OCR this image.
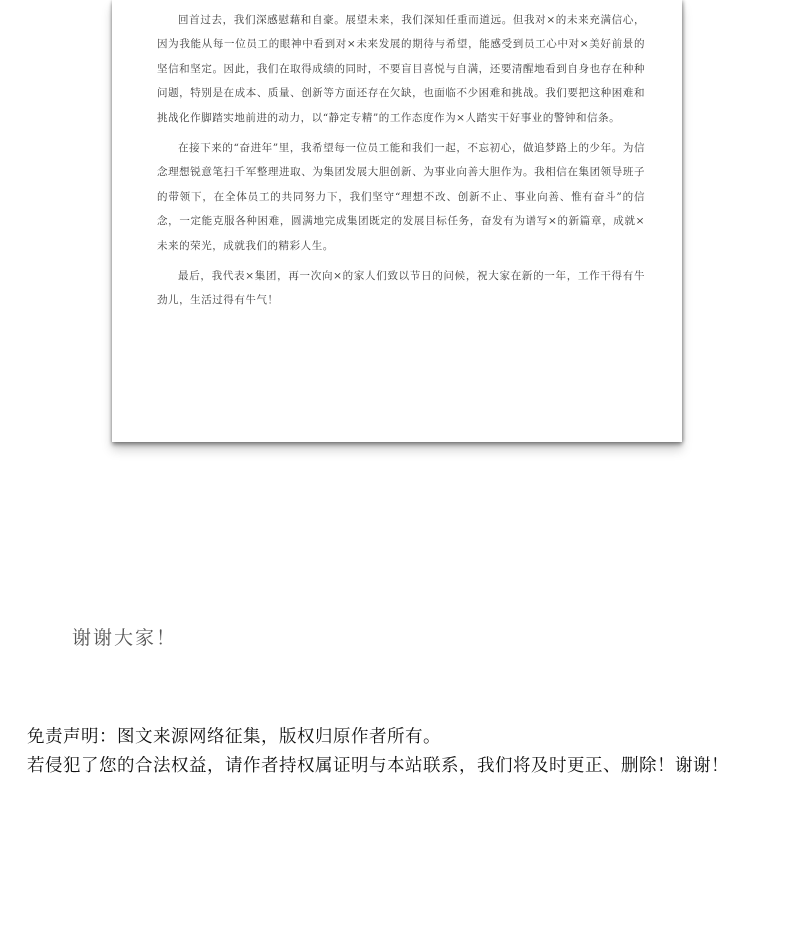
回首过去，我们深感慰藉和自豪。展望未来，我们深知任重而道远。但我对×的未来充满信心，因为我能从每一位员工的眼神中看到对×未来发展的期待与希望，能感受到员工心中对×美好前景的坚信和坚定。因此，我们在取得成绩的同时，不要盲目喜悦与自满，还要清醒地看到自身也存在种种问题，特别是在成本、质量、创新等方面还存在欠缺，也面临不少困难和挑战。我们要把这种困难和挑战化作脚踏实地前进的动力，以“静定专精”的工作态度作为×人踏实干好事业的警钟和信条。

在接下来的“奋进年”里，我希望每一位员工能和我们一起，不忘初心，做追梦路上的少年。为信念理想锐意笔扫千军整理进取、为集团发展大胆创新、为事业向善大胆作为。我相信在集团领导班子的带领下，在全体员工的共同努力下，我们坚守“理想不改、创新不止、事业向善、惟有奋斗”的信念，一定能克服各种困难，圆满地完成集团既定的发展目标任务，奋发有为谱写×的新篇章，成就×未来的荣光，成就我们的精彩人生。

最后，我代表×集团，再一次向×的家人们致以节日的问候，祝大家在新的一年，工作干得有牛劲儿，生活过得有牛气！

谢谢大家！
免责声明：图文来源网络征集，版权归原作者所有。
若侵犯了您的合法权益，请作者持权属证明与本站联系，我们将及时更正、删除！谢谢！
